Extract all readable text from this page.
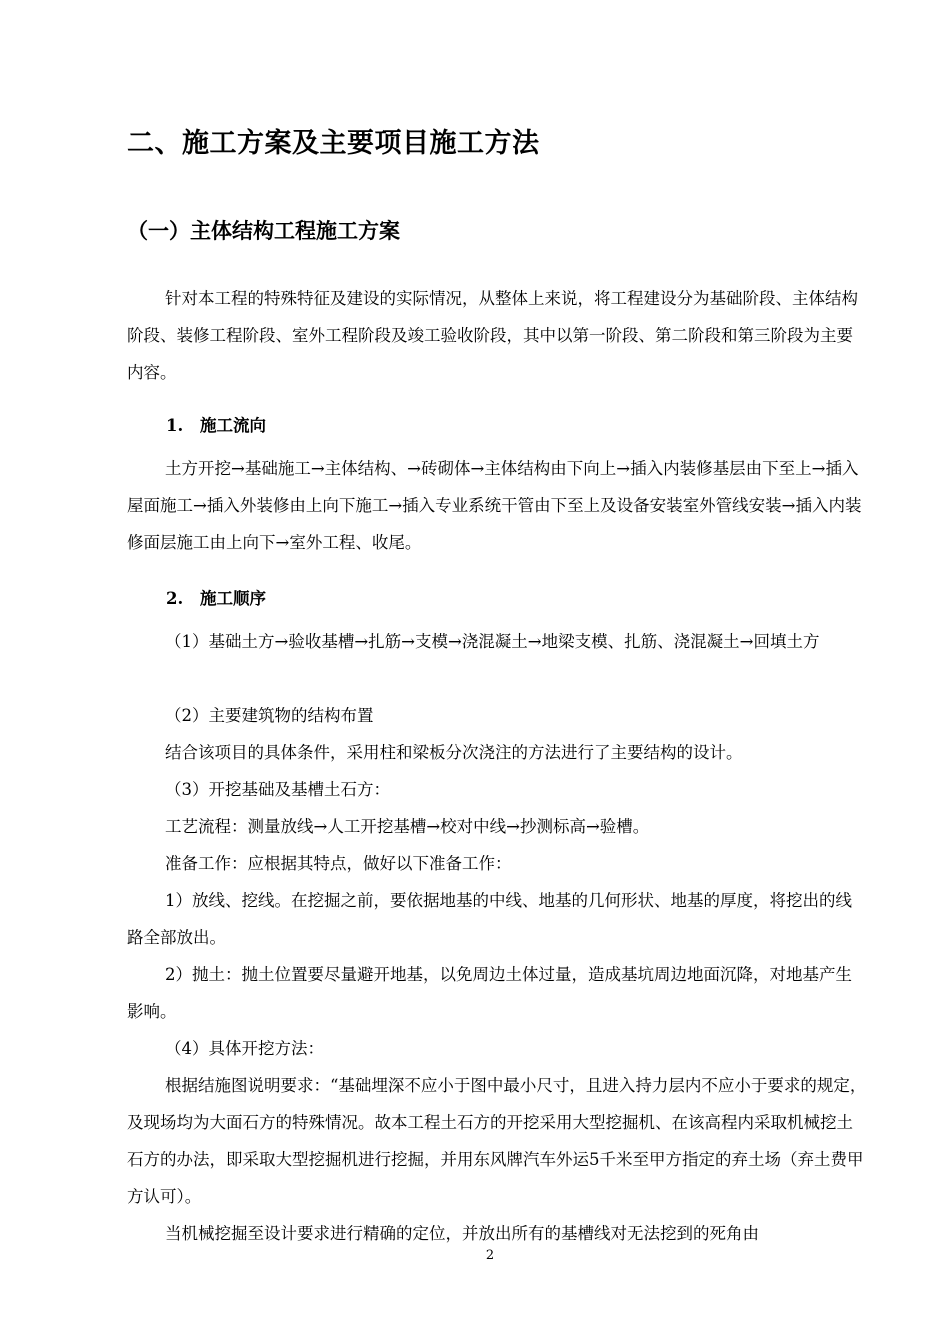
二、施工方案及主要项目施工方法
（一）主体结构工程施工方案

针对本工程的特殊特征及建设的实际情况，从整体上来说，将工程建设分为基础阶段、主体结构阶段、装修工程阶段、室外工程阶段及竣工验收阶段，其中以第一阶段、第二阶段和第三阶段为主要内容。

1. 施工流向

土方开挖→基础施工→主体结构、→砖砌体→主体结构由下向上→插入内装修基层由下至上→插入屋面施工→插入外装修由上向下施工→插入专业系统干管由下至上及设备安装室外管线安装→插入内装修面层施工由上向下→室外工程、收尾。

2. 施工顺序

（1）基础土方→验收基槽→扎筋→支模→浇混凝土→地梁支模、扎筋、浇混凝土→回填土方

（2）主要建筑物的结构布置

结合该项目的具体条件，采用柱和梁板分次浇注的方法进行了主要结构的设计。

（3）开挖基础及基槽土石方：

工艺流程：测量放线→人工开挖基槽→校对中线→抄测标高→验槽。

准备工作：应根据其特点，做好以下准备工作：

1）放线、挖线。在挖掘之前，要依据地基的中线、地基的几何形状、地基的厚度，将挖出的线路全部放出。

2）抛土：抛土位置要尽量避开地基，以免周边土体过量，造成基坑周边地面沉降，对地基产生影响。

（4）具体开挖方法：

根据结施图说明要求：“基础埋深不应小于图中最小尺寸，且进入持力层内不应小于要求的规定，及现场均为大面石方的特殊情况。故本工程土石方的开挖采用大型挖掘机、在该高程内采取机械挖土石方的办法，即采取大型挖掘机进行挖掘，并用东风牌汽车外运5千米至甲方指定的弃土场（弃土费甲方认可）。

当机械挖掘至设计要求进行精确的定位，并放出所有的基槽线对无法挖到的死角由

2
